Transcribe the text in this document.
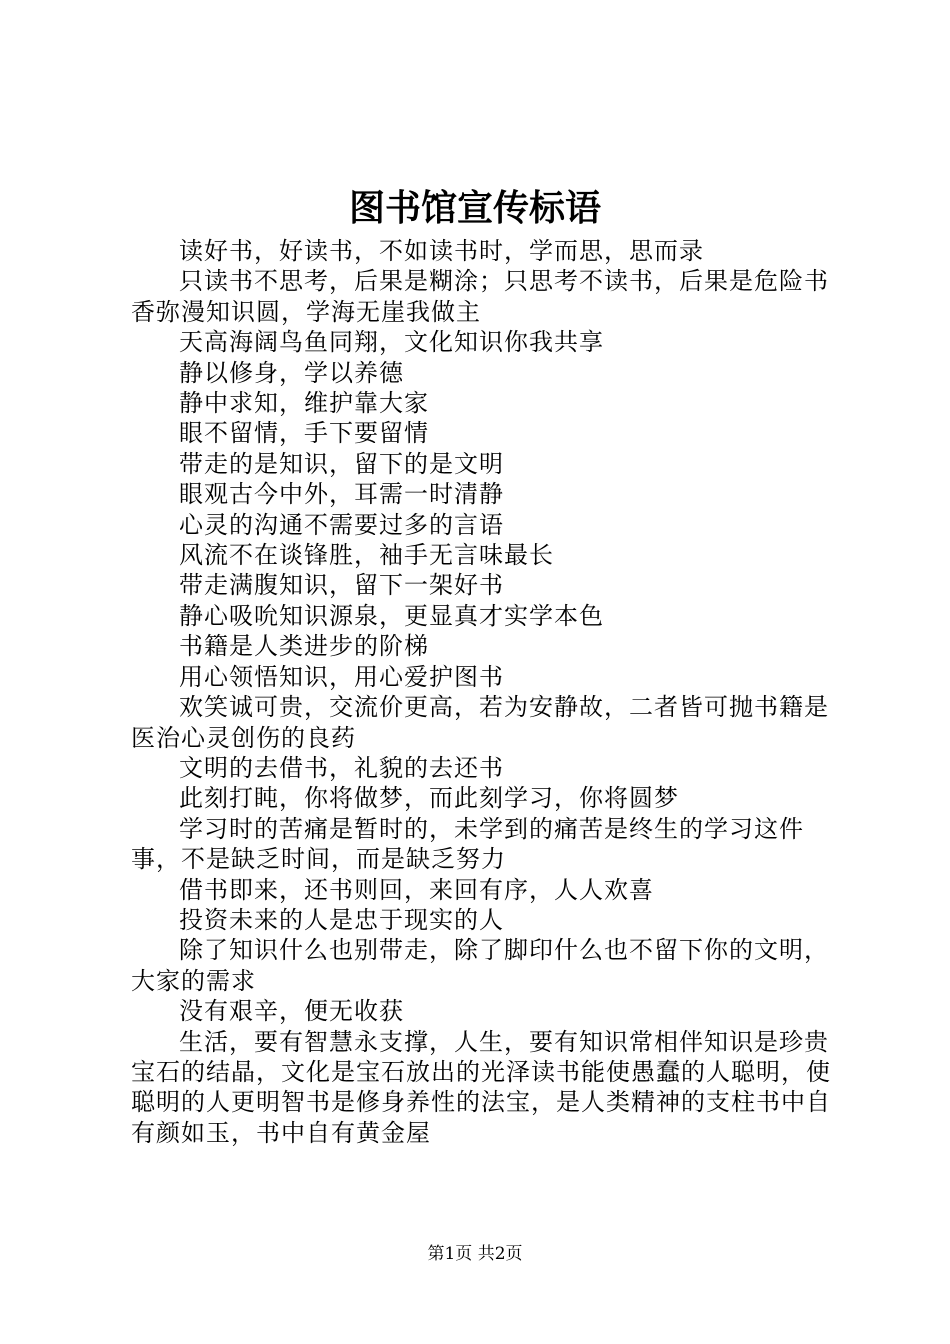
图书馆宣传标语

读好书，好读书，不如读书时，学而思，思而录

只读书不思考，后果是糊涂；只思考不读书，后果是危险书香弥漫知识圆，学海无崖我做主

天高海阔鸟鱼同翔，文化知识你我共享

静以修身，学以养德

静中求知，维护靠大家

眼不留情，手下要留情

带走的是知识，留下的是文明

眼观古今中外，耳需一时清静

心灵的沟通不需要过多的言语

风流不在谈锋胜，袖手无言味最长

带走满腹知识，留下一架好书

静心吸吮知识源泉，更显真才实学本色

书籍是人类进步的阶梯

用心领悟知识，用心爱护图书

欢笑诚可贵，交流价更高，若为安静故，二者皆可抛书籍是医治心灵创伤的良药

文明的去借书，礼貌的去还书

此刻打盹，你将做梦，而此刻学习，你将圆梦

学习时的苦痛是暂时的，未学到的痛苦是终生的学习这件事，不是缺乏时间，而是缺乏努力

借书即来，还书则回，来回有序，人人欢喜

投资未来的人是忠于现实的人

除了知识什么也别带走，除了脚印什么也不留下你的文明，大家的需求

没有艰辛，便无收获

生活，要有智慧永支撑，人生，要有知识常相伴知识是珍贵宝石的结晶，文化是宝石放出的光泽读书能使愚蠢的人聪明，使聪明的人更明智书是修身养性的法宝，是人类精神的支柱书中自有颜如玉，书中自有黄金屋

第1页 共2页
